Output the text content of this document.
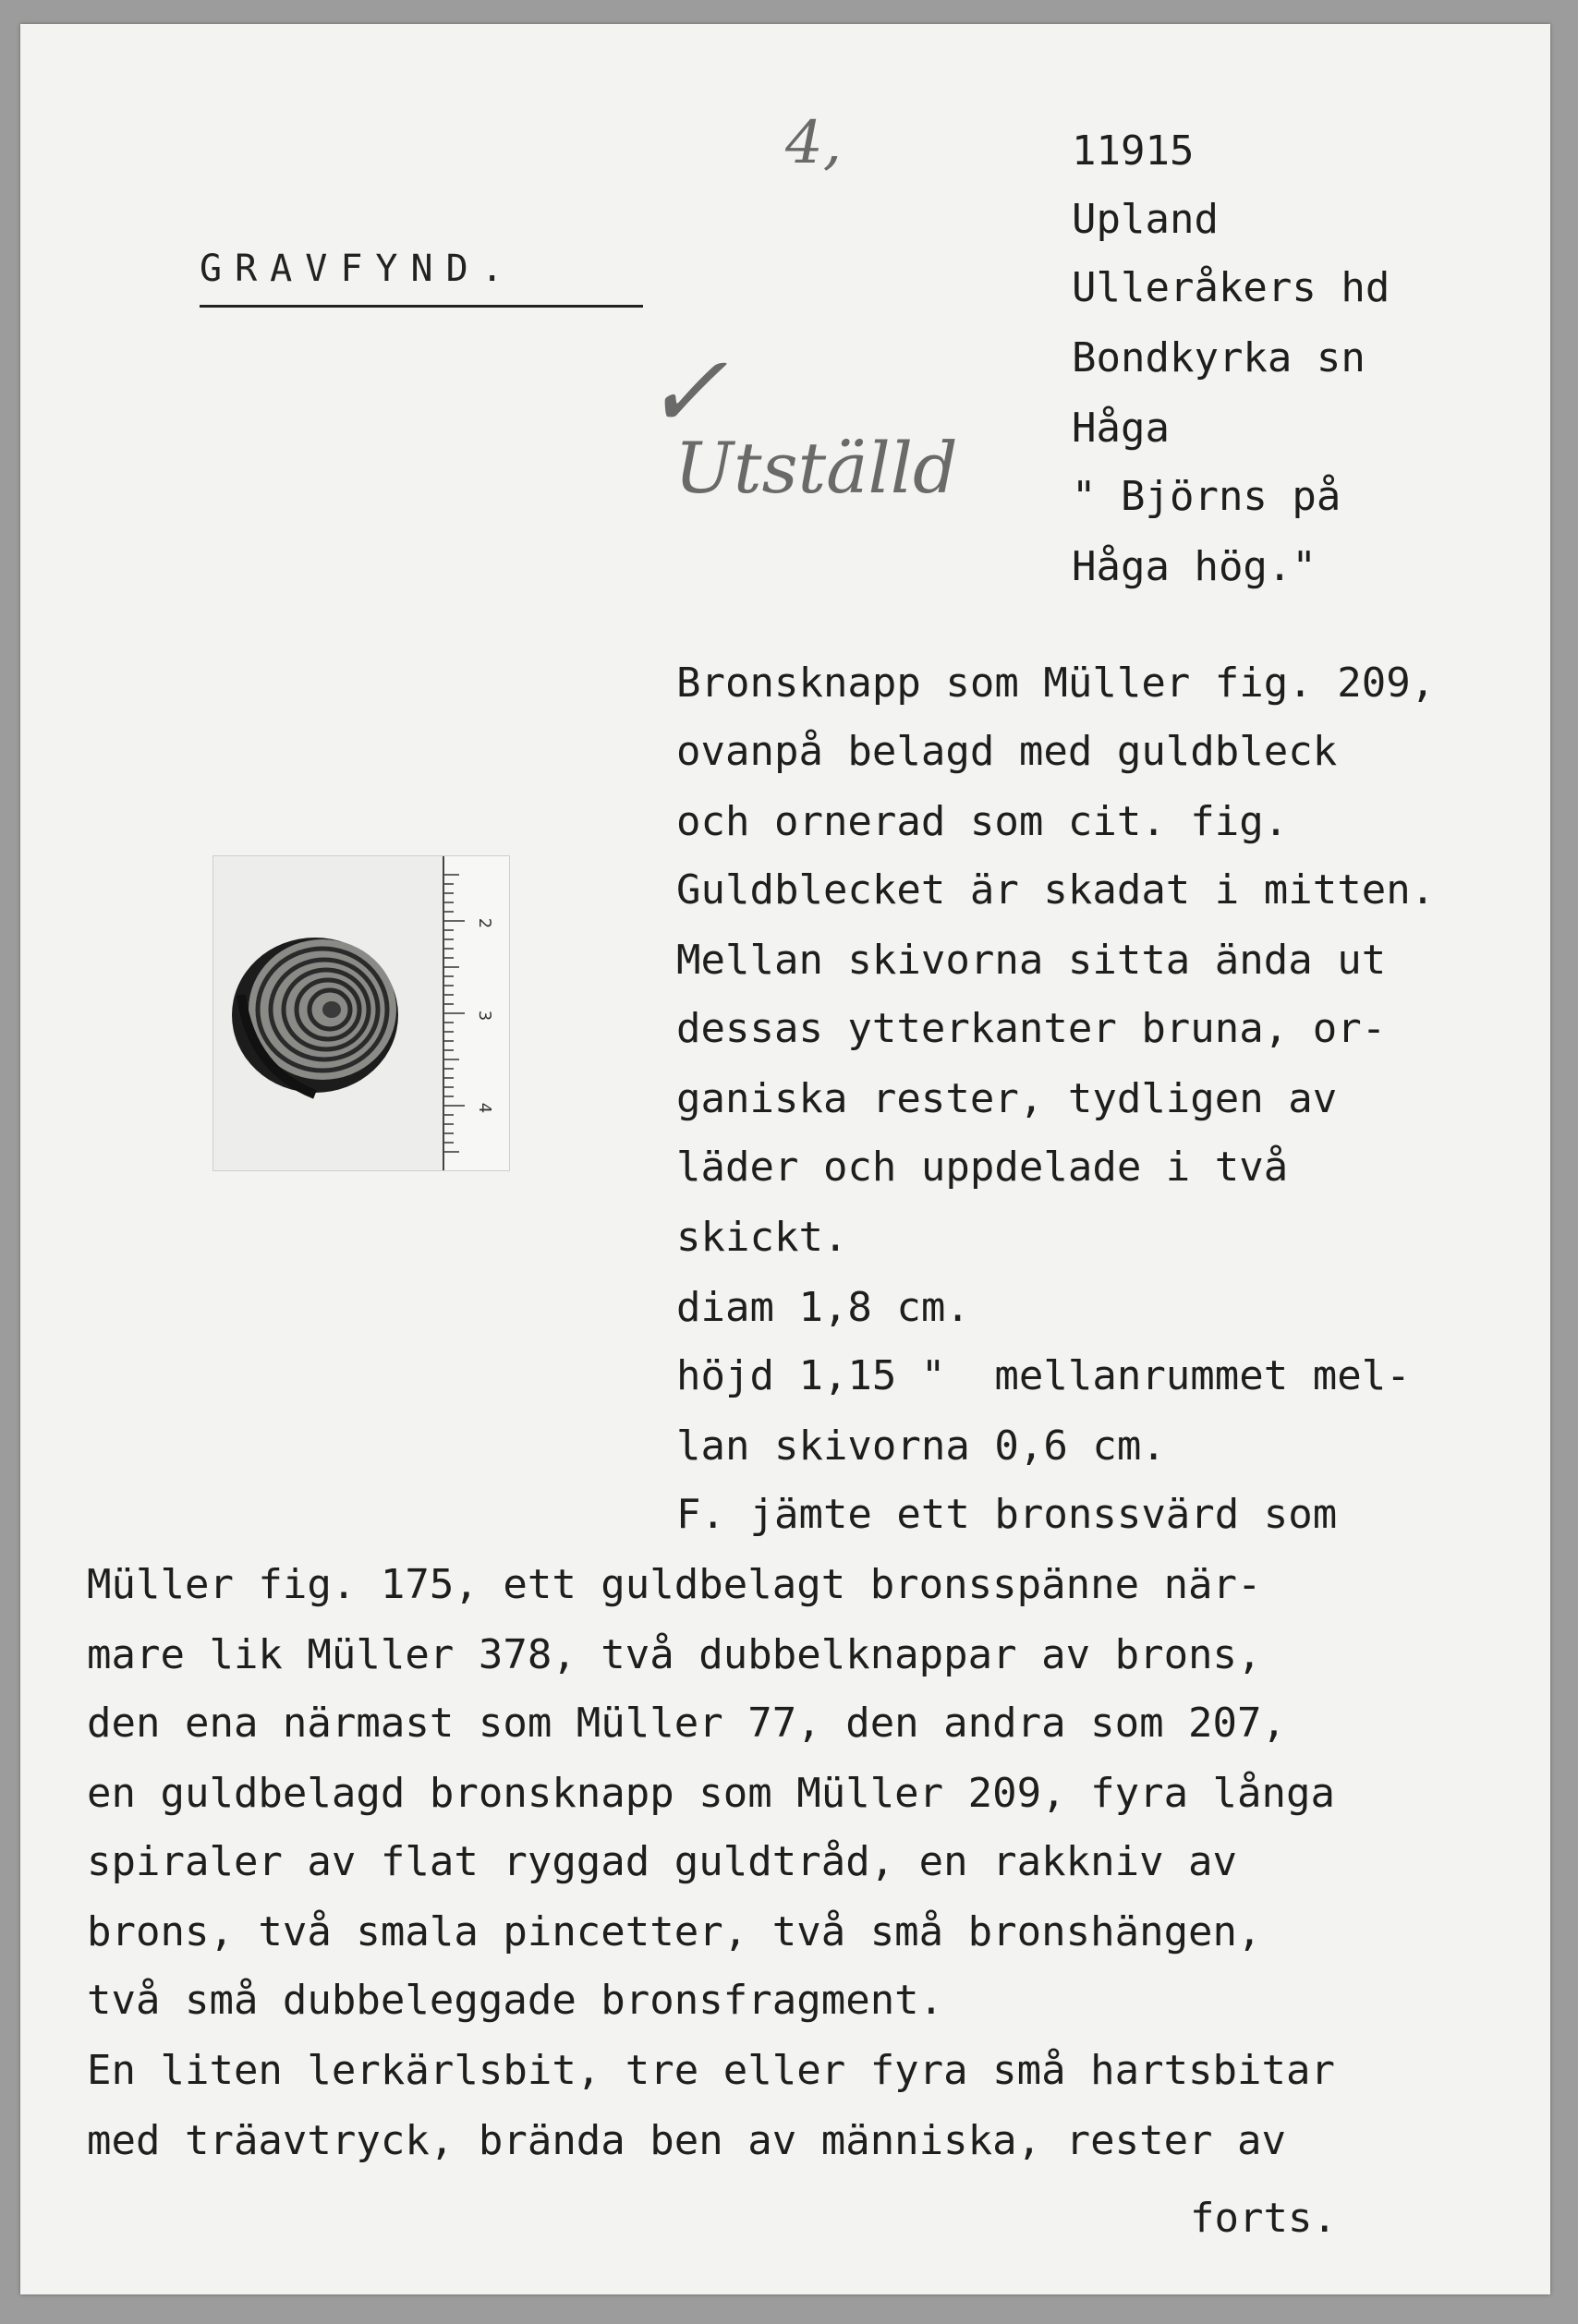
4,
✓
Utställd
GRAVFYND.
11915
Upland
Ulleråkers hd
Bondkyrka sn
Håga
" Björns på
Håga hög."
2
3
4
Bronsknapp som Müller fig. 209,
ovanpå belagd med guldbleck
och ornerad som cit. fig.
Guldblecket är skadat i mitten.
Mellan skivorna sitta ända ut
dessas ytterkanter bruna, or-
ganiska rester, tydligen av
läder och uppdelade i två
skickt.
diam 1,8 cm.
höjd 1,15 "  mellanrummet mel-
lan skivorna 0,6 cm.
F. jämte ett bronssvärd som
Müller fig. 175, ett guldbelagt bronsspänne när-
mare lik Müller 378, två dubbelknappar av brons,
den ena närmast som Müller 77, den andra som 207,
en guldbelagd bronsknapp som Müller 209, fyra långa
spiraler av flat ryggad guldtråd, en rakkniv av
brons, två smala pincetter, två små bronshängen,
två små dubbeleggade bronsfragment.
En liten lerkärlsbit, tre eller fyra små hartsbitar
med träavtryck, brända ben av människa, rester av
forts.
